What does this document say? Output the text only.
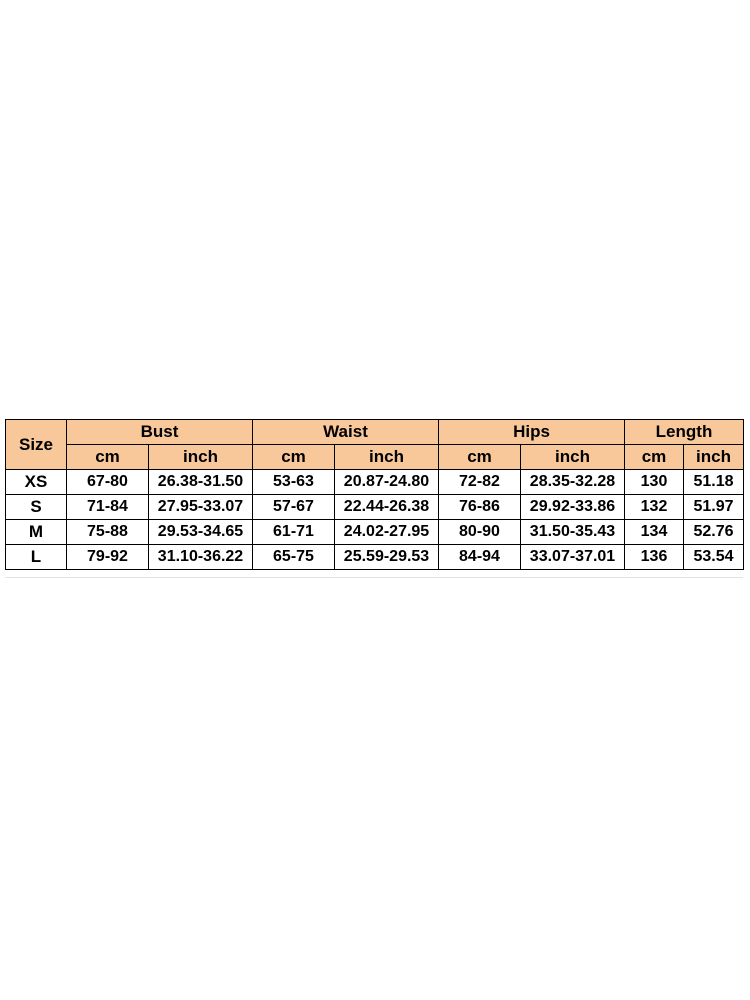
Size	Bust		Waist		Hips		Length	
	cm	inch	cm	inch	cm	inch	cm	inch
XS	67-80	26.38-31.50	53-63	20.87-24.80	72-82	28.35-32.28	130	51.18
S	71-84	27.95-33.07	57-67	22.44-26.38	76-86	29.92-33.86	132	51.97
M	75-88	29.53-34.65	61-71	24.02-27.95	80-90	31.50-35.43	134	52.76
L	79-92	31.10-36.22	65-75	25.59-29.53	84-94	33.07-37.01	136	53.54
